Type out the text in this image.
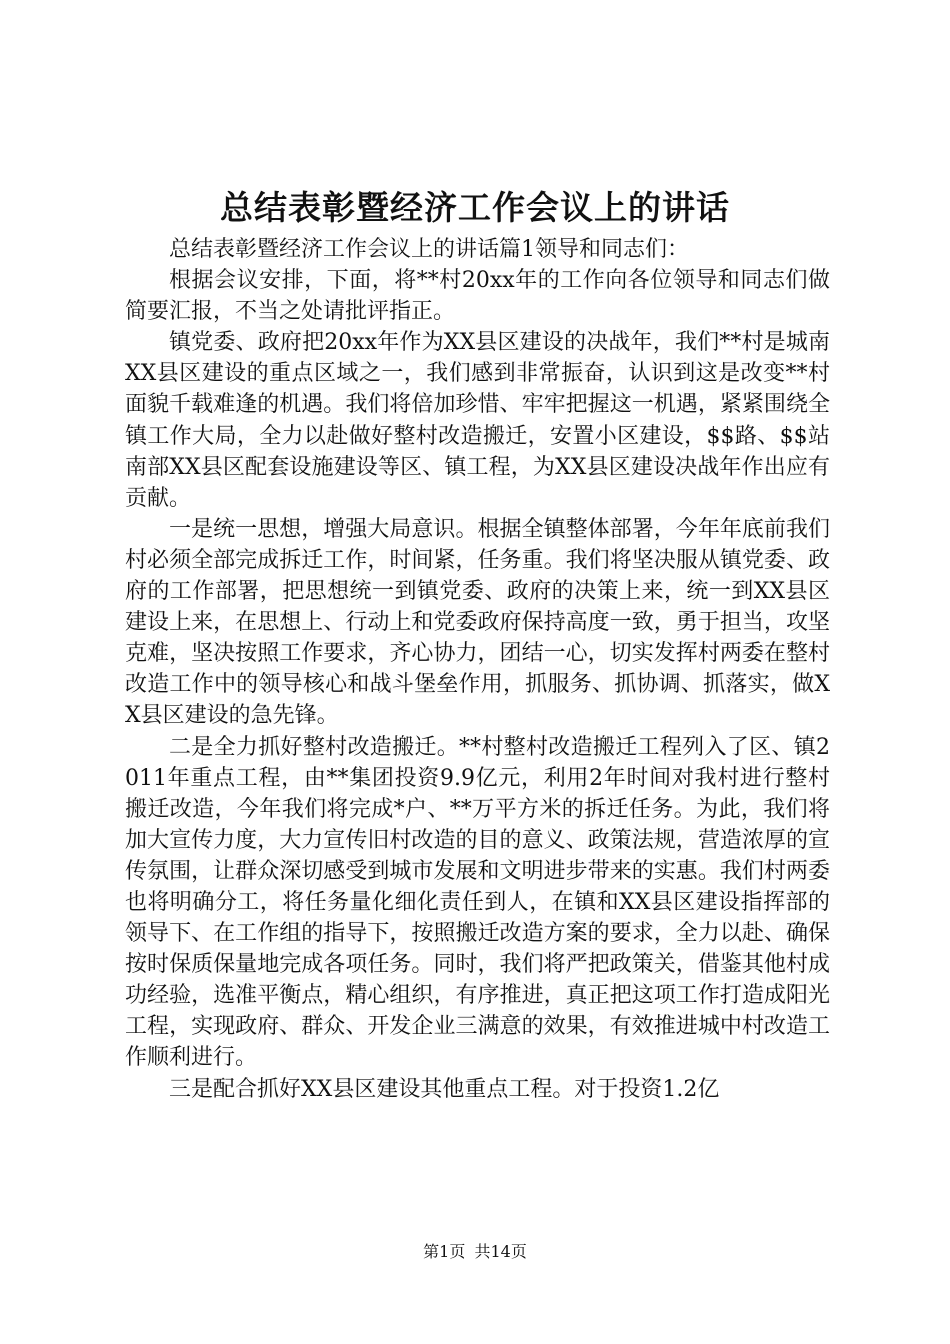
总结表彰暨经济工作会议上的讲话

总结表彰暨经济工作会议上的讲话篇1领导和同志们：

根据会议安排，下面，将**村20xx年的工作向各位领导和同志们做简要汇报，不当之处请批评指正。

镇党委、政府把20xx年作为XX县区建设的决战年，我们**村是城南XX县区建设的重点区域之一，我们感到非常振奋，认识到这是改变**村面貌千载难逢的机遇。我们将倍加珍惜、牢牢把握这一机遇，紧紧围绕全镇工作大局，全力以赴做好整村改造搬迁，安置小区建设，$$路、$$站南部XX县区配套设施建设等区、镇工程，为XX县区建设决战年作出应有贡献。

一是统一思想，增强大局意识。根据全镇整体部署，今年年底前我们村必须全部完成拆迁工作，时间紧，任务重。我们将坚决服从镇党委、政府的工作部署，把思想统一到镇党委、政府的决策上来，统一到XX县区建设上来，在思想上、行动上和党委政府保持高度一致，勇于担当，攻坚克难，坚决按照工作要求，齐心协力，团结一心，切实发挥村两委在整村改造工作中的领导核心和战斗堡垒作用，抓服务、抓协调、抓落实，做XX县区建设的急先锋。

二是全力抓好整村改造搬迁。**村整村改造搬迁工程列入了区、镇2011年重点工程，由**集团投资9.9亿元，利用2年时间对我村进行整村搬迁改造，今年我们将完成*户、**万平方米的拆迁任务。为此，我们将加大宣传力度，大力宣传旧村改造的目的意义、政策法规，营造浓厚的宣传氛围，让群众深切感受到城市发展和文明进步带来的实惠。我们村两委也将明确分工，将任务量化细化责任到人，在镇和XX县区建设指挥部的领导下、在工作组的指导下，按照搬迁改造方案的要求，全力以赴、确保按时保质保量地完成各项任务。同时，我们将严把政策关，借鉴其他村成功经验，选准平衡点，精心组织，有序推进，真正把这项工作打造成阳光工程，实现政府、群众、开发企业三满意的效果，有效推进城中村改造工作顺利进行。

三是配合抓好XX县区建设其他重点工程。对于投资1.2亿

第1页 共14页
